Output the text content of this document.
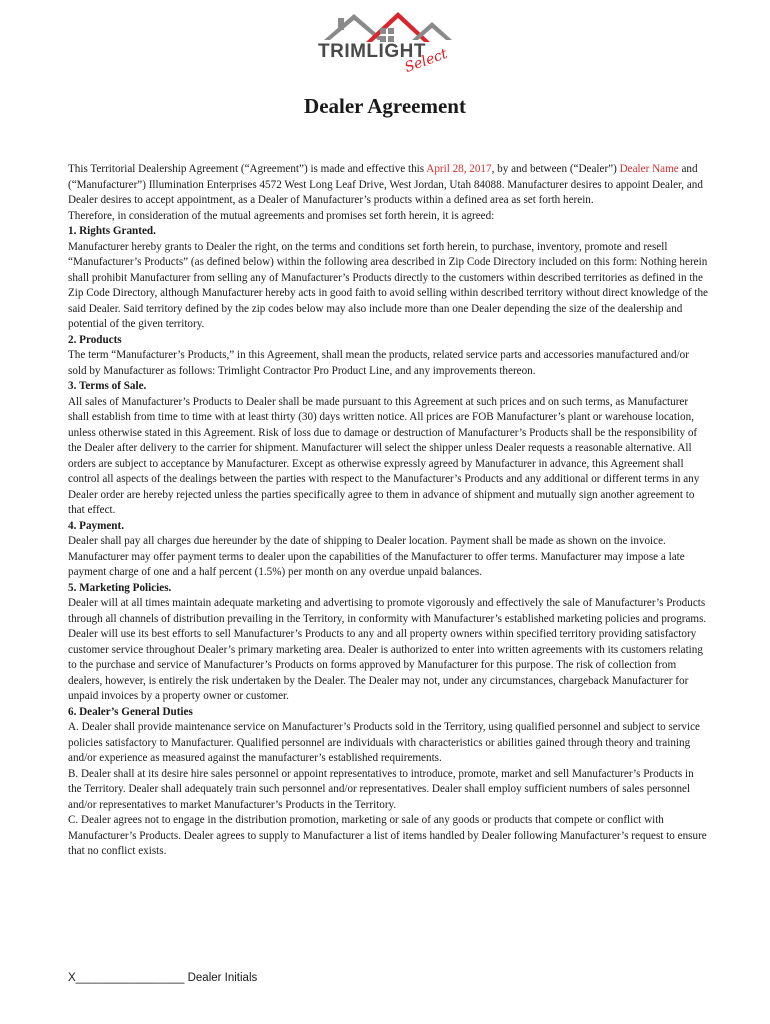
TRIMLIGHT
Select
Dealer Agreement

This Territorial Dealership Agreement (“Agreement”) is made and effective this April 28, 2017, by and between (“Dealer”) Dealer Name and (“Manufacturer”) Illumination Enterprises 4572 West Long Leaf Drive, West Jordan, Utah 84088. Manufacturer desires to appoint Dealer, and Dealer desires to accept appointment, as a Dealer of Manufacturer’s products within a defined area as set forth herein.

Therefore, in consideration of the mutual agreements and promises set forth herein, it is agreed:

1. Rights Granted.

Manufacturer hereby grants to Dealer the right, on the terms and conditions set forth herein, to purchase, inventory, promote and resell “Manufacturer’s Products” (as defined below) within the following area described in Zip Code Directory included on this form: Nothing herein shall prohibit Manufacturer from selling any of Manufacturer’s Products directly to the customers within described territories as defined in the Zip Code Directory, although Manufacturer hereby acts in good faith to avoid selling within described territory without direct knowledge of the said Dealer. Said territory defined by the zip codes below may also include more than one Dealer depending the size of the dealership and potential of the given territory.

2. Products

The term “Manufacturer’s Products,” in this Agreement, shall mean the products, related service parts and accessories manufactured and/or sold by Manufacturer as follows: Trimlight Contractor Pro Product Line, and any improvements thereon.

3. Terms of Sale.

All sales of Manufacturer’s Products to Dealer shall be made pursuant to this Agreement at such prices and on such terms, as Manufacturer shall establish from time to time with at least thirty (30) days written notice. All prices are FOB Manufacturer’s plant or warehouse location, unless otherwise stated in this Agreement. Risk of loss due to damage or destruction of Manufacturer’s Products shall be the responsibility of the Dealer after delivery to the carrier for shipment. Manufacturer will select the shipper unless Dealer requests a reasonable alternative. All orders are subject to acceptance by Manufacturer. Except as otherwise expressly agreed by Manufacturer in advance, this Agreement shall control all aspects of the dealings between the parties with respect to the Manufacturer’s Products and any additional or different terms in any Dealer order are hereby rejected unless the parties specifically agree to them in advance of shipment and mutually sign another agreement to that effect.

4. Payment.

Dealer shall pay all charges due hereunder by the date of shipping to Dealer location. Payment shall be made as shown on the invoice. Manufacturer may offer payment terms to dealer upon the capabilities of the Manufacturer to offer terms. Manufacturer may impose a late payment charge of one and a half percent (1.5%) per month on any overdue unpaid balances.

5. Marketing Policies.

Dealer will at all times maintain adequate marketing and advertising to promote vigorously and effectively the sale of Manufacturer’s Products through all channels of distribution prevailing in the Territory, in conformity with Manufacturer’s established marketing policies and programs. Dealer will use its best efforts to sell Manufacturer’s Products to any and all property owners within specified territory providing satisfactory customer service throughout Dealer’s primary marketing area. Dealer is authorized to enter into written agreements with its customers relating to the purchase and service of Manufacturer’s Products on forms approved by Manufacturer for this purpose. The risk of collection from dealers, however, is entirely the risk undertaken by the Dealer. The Dealer may not, under any circumstances, chargeback Manufacturer for unpaid invoices by a property owner or customer.

6. Dealer’s General Duties

A. Dealer shall provide maintenance service on Manufacturer’s Products sold in the Territory, using qualified personnel and subject to service policies satisfactory to Manufacturer. Qualified personnel are individuals with characteristics or abilities gained through theory and training and/or experience as measured against the manufacturer’s established requirements.

B. Dealer shall at its desire hire sales personnel or appoint representatives to introduce, promote, market and sell Manufacturer’s Products in the Territory. Dealer shall adequately train such personnel and/or representatives. Dealer shall employ sufficient numbers of sales personnel and/or representatives to market Manufacturer’s Products in the Territory.

C. Dealer agrees not to engage in the distribution promotion, marketing or sale of any goods or products that compete or conflict with Manufacturer’s Products. Dealer agrees to supply to Manufacturer a list of items handled by Dealer following Manufacturer’s request to ensure that no conflict exists.

X_________________ Dealer Initials
